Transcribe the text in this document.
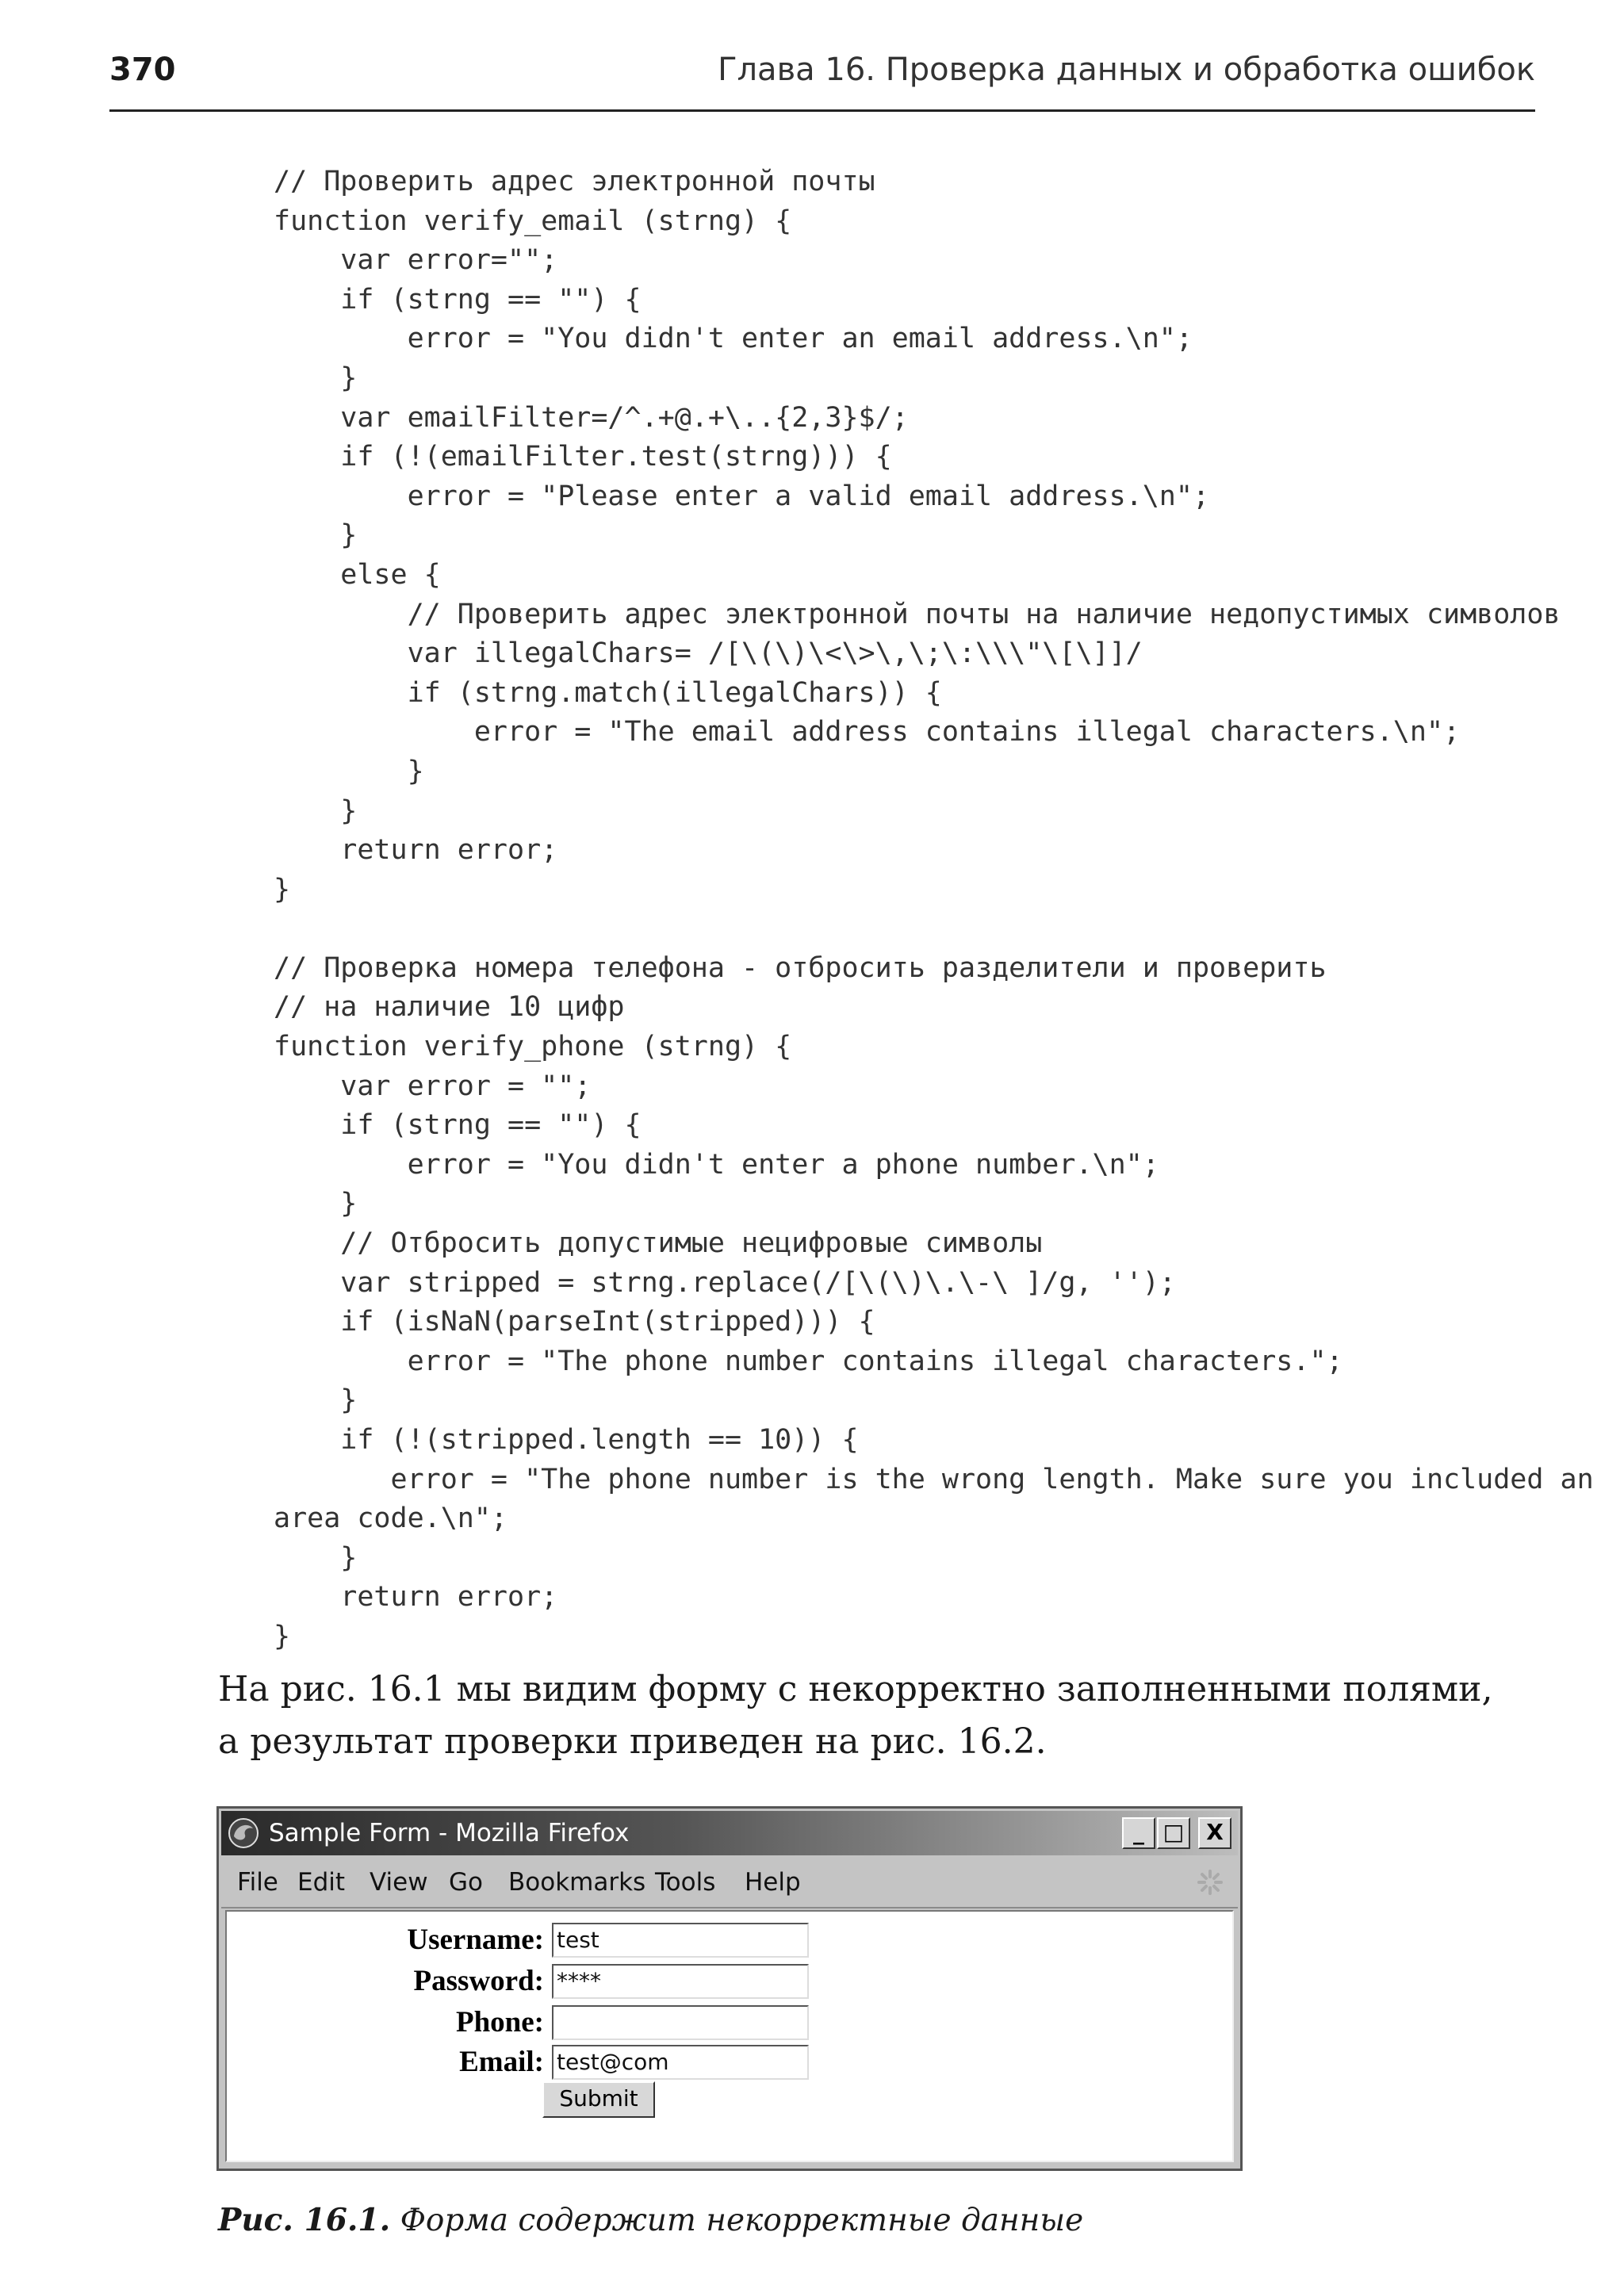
370	Глава 16. Проверка данных и обработка ошибок
// Проверить адрес электронной почты
function verify_email (strng) {
var error="";
if (strng == "") {
error = "You didn't enter an email address.\n";
}
var emailFilter=/^.+@.+\..{2,3}$/;
if (!(emailFilter.test(strng))) {
error = "Please enter a valid email address.\n";
}
else {
// Проверить адрес электронной почты на наличие недопустимых символов
var illegalChars= /[\(\)\<\>\,\;\:\\\"\[\]]/
if (strng.match(illegalChars)) {
error = "The email address contains illegal characters.\n";
}
}
return error;
}
// Проверка номера телефона - отбросить разделители и проверить
// на наличие 10 цифр
function verify_phone (strng) {
var error = "";
if (strng == "") {
error = "You didn't enter a phone number.\n";
}
// Отбросить допустимые нецифровые символы
var stripped = strng.replace(/[\(\)\.\-\ ]/g, '');
if (isNaN(parseInt(stripped))) {
error = "The phone number contains illegal characters.";
}
if (!(stripped.length == 10)) {
error = "The phone number is the wrong length. Make sure you included an
area code.\n";
}
return error;
}
На рис. 16.1 мы видим форму с некорректно заполненными полями,
а результат проверки приведен на рис. 16.2.
Sample Form - Mozilla Firefox	_ □ X
File Edit View Go Bookmarks Tools Help
Username: test
Password: ****
Phone:
Email: test@com
Submit
Рис. 16.1. Форма содержит некорректные данные
